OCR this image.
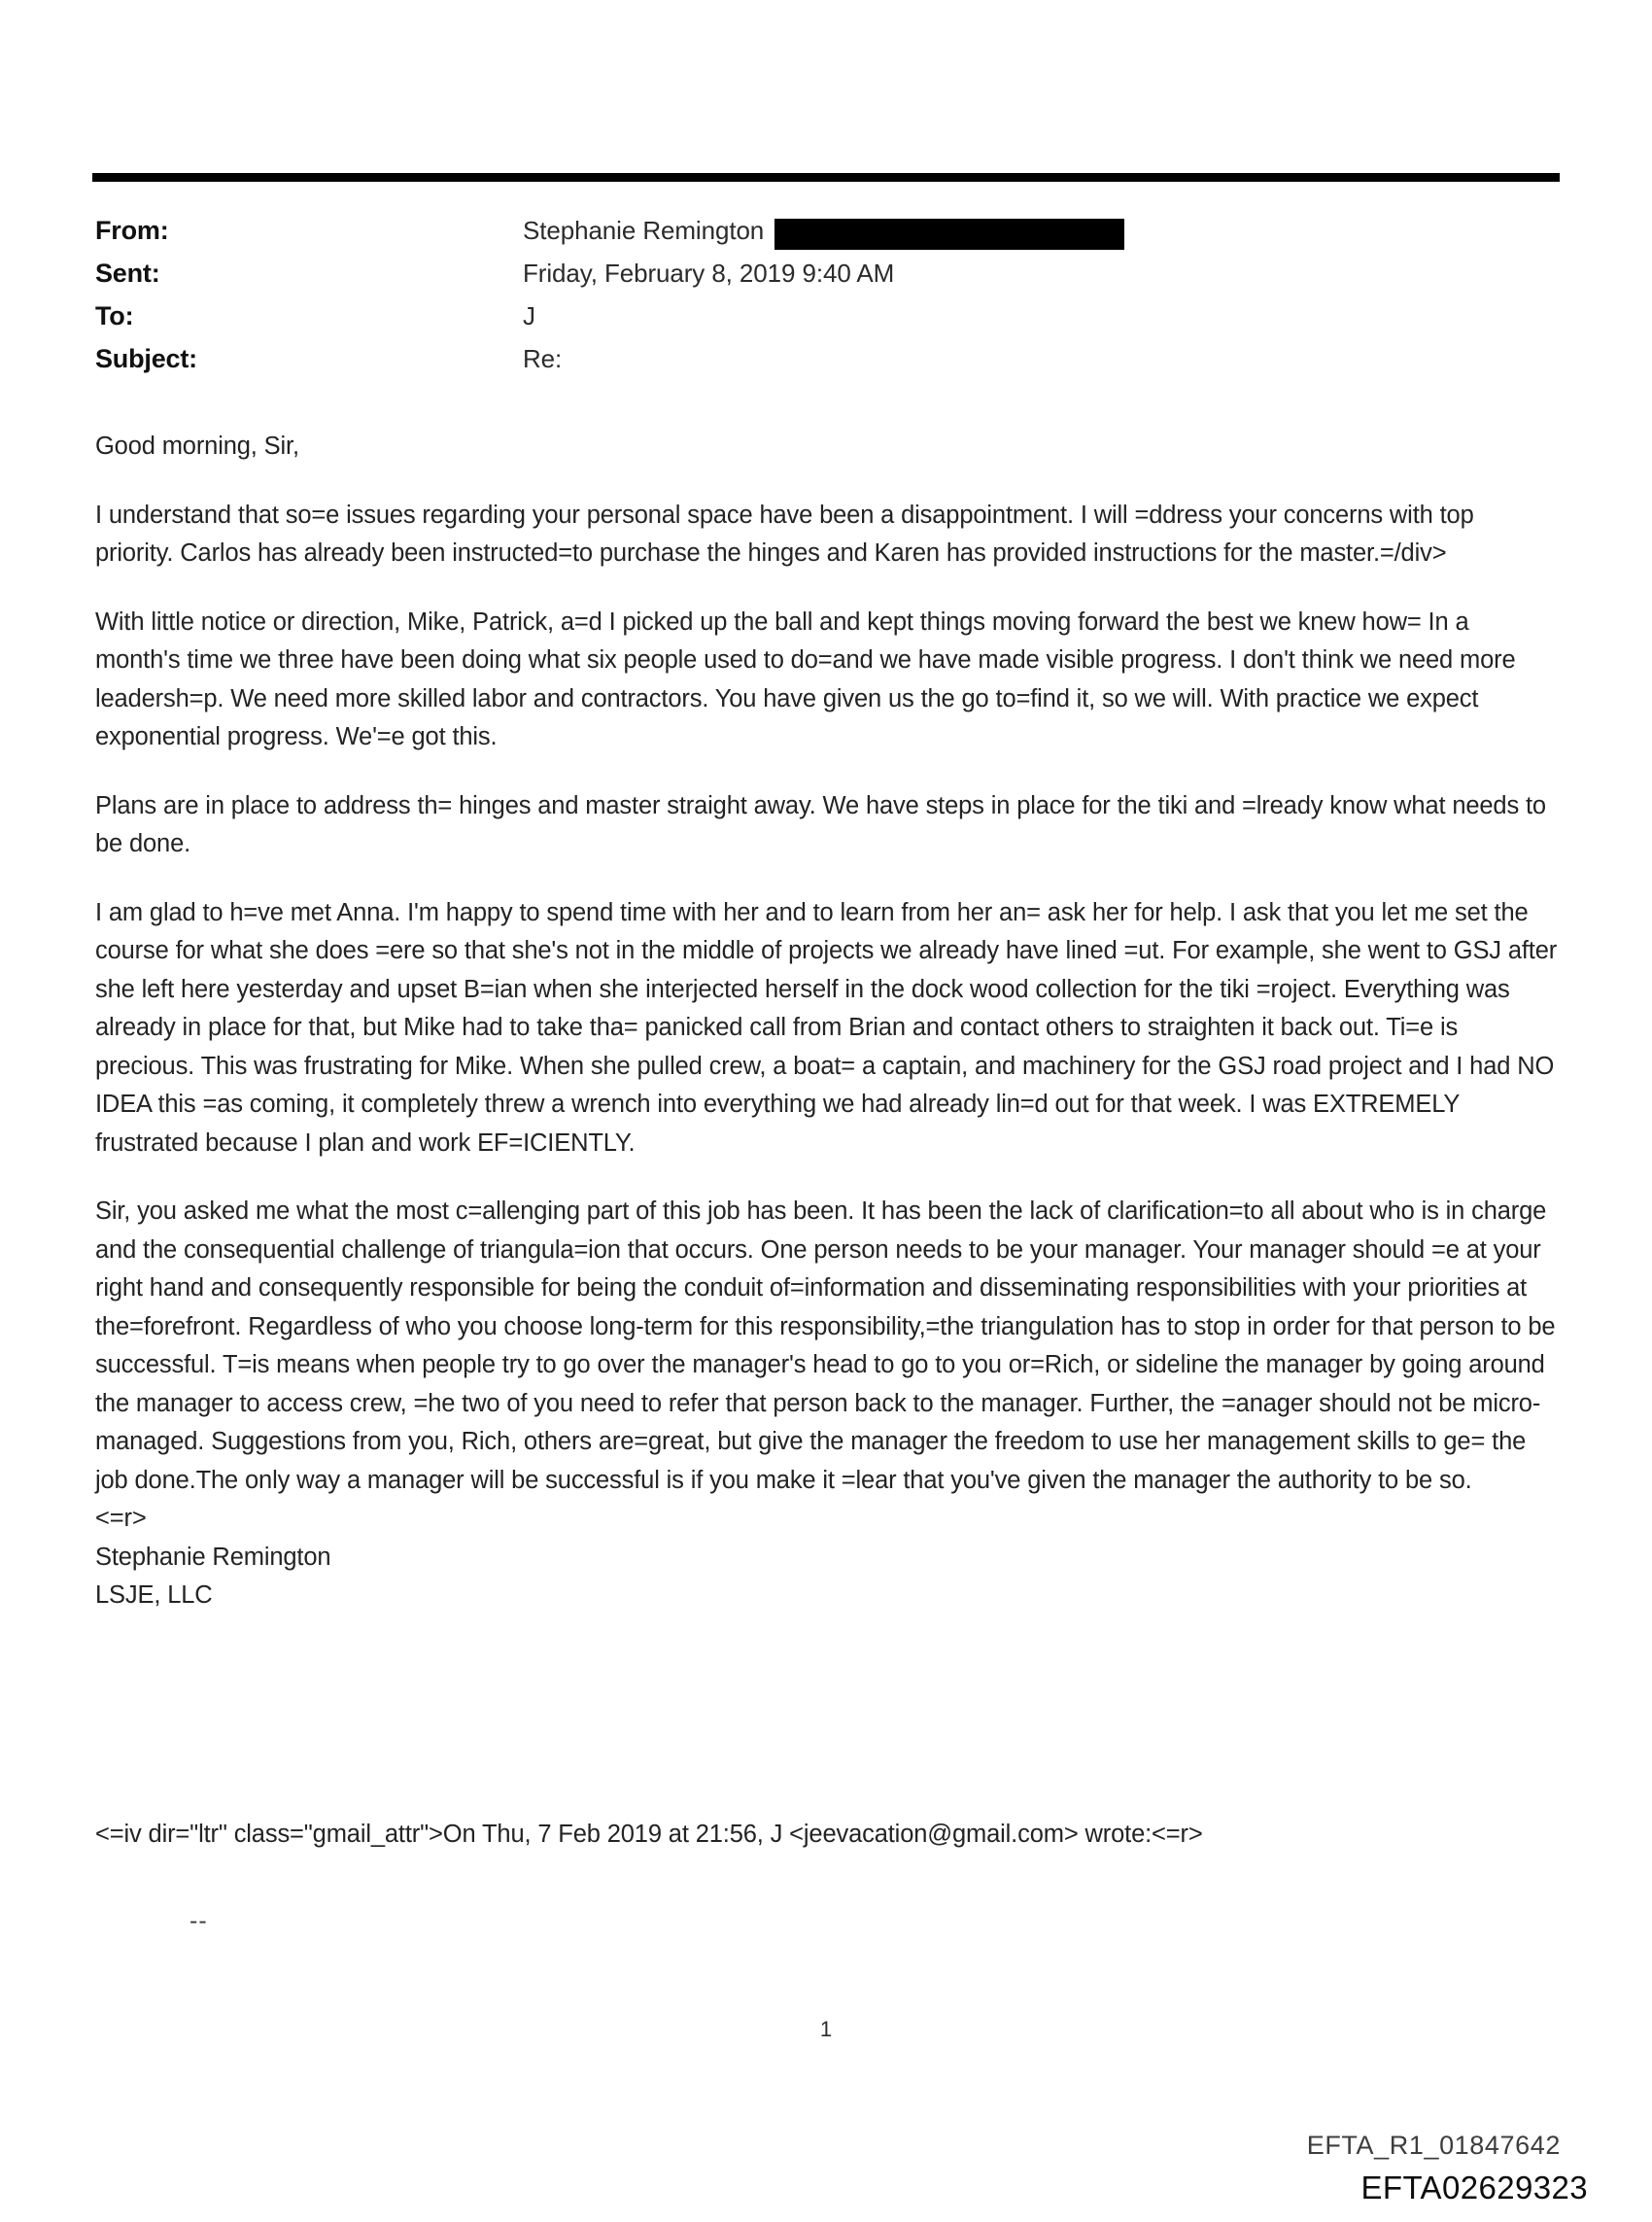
From:	Stephanie Remington
Sent:	Friday, February 8, 2019 9:40 AM
To:	J
Subject:	Re:

Good morning, Sir,

I understand that so=e issues regarding your personal space have been a disappointment. I will =ddress your concerns with top priority. Carlos has already been instructed=to purchase the hinges and Karen has provided instructions for the master.=/div>

With little notice or direction, Mike, Patrick, a=d I picked up the ball and kept things moving forward the best we knew how= In a month's time we three have been doing what six people used to do=and we have made visible progress. I don't think we need more leadersh=p. We need more skilled labor and contractors. You have given us the go to=find it, so we will. With practice we expect exponential progress. We'=e got this.

Plans are in place to address th= hinges and master straight away. We have steps in place for the tiki and =lready know what needs to be done.

I am glad to h=ve met Anna. I'm happy to spend time with her and to learn from her an= ask her for help. I ask that you let me set the course for what she does =ere so that she's not in the middle of projects we already have lined =ut. For example, she went to GSJ after she left here yesterday and upset B=ian when she interjected herself in the dock wood collection for the tiki =roject. Everything was already in place for that, but Mike had to take tha= panicked call from Brian and contact others to straighten it back out. Ti=e is precious. This was frustrating for Mike. When she pulled crew, a boat= a captain, and machinery for the GSJ road project and I had NO IDEA this =as coming, it completely threw a wrench into everything we had already lin=d out for that week. I was EXTREMELY frustrated because I plan and work EF=ICIENTLY.

Sir, you asked me what the most c=allenging part of this job has been. It has been the lack of clarification=to all about who is in charge and the consequential challenge of triangula=ion that occurs. One person needs to be your manager. Your manager should =e at your right hand and consequently responsible for being the conduit of=information and disseminating responsibilities with your priorities at the=forefront. Regardless of who you choose long-term for this responsibility,=the triangulation has to stop in order for that person to be successful. T=is means when people try to go over the manager's head to go to you or=Rich, or sideline the manager by going around the manager to access crew, =he two of you need to refer that person back to the manager. Further, the =anager should not be micro-managed. Suggestions from you, Rich, others are=great, but give the manager the freedom to use her management skills to ge= the job done.The only way a manager will be successful is if you make it =lear that you've given the manager the authority to be so.

<=r>

Stephanie Remington

LSJE, LLC

<=iv dir="ltr" class="gmail_attr">On Thu, 7 Feb 2019 at 21:56, J <jeevacation@gmail.com> wrote:<=r>
--
1
EFTA_R1_01847642
EFTA02629323
